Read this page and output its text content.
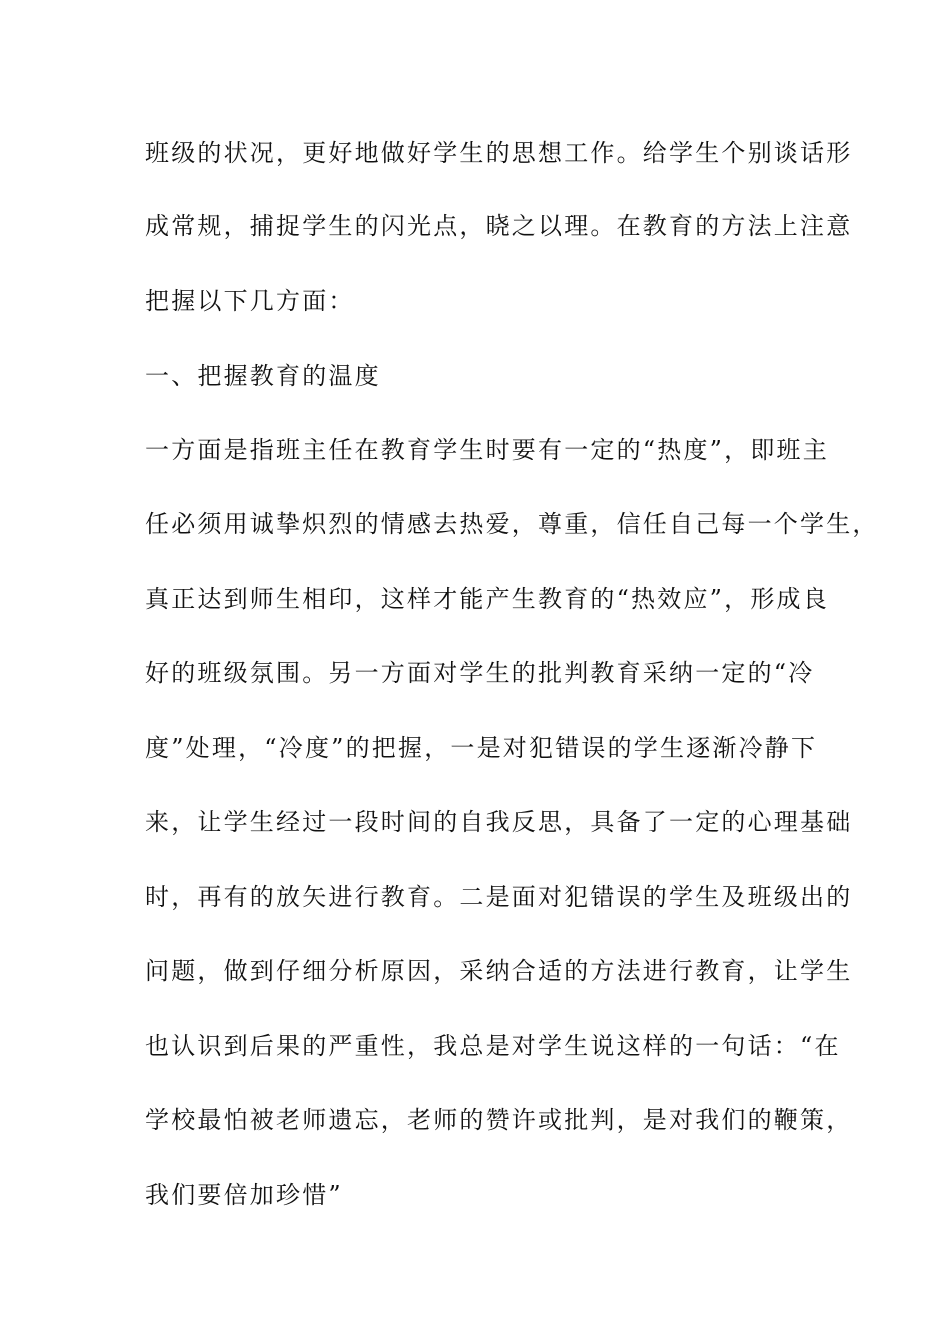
班级的状况，更好地做好学生的思想工作。给学生个别谈话形
成常规，捕捉学生的闪光点，晓之以理。在教育的方法上注意
把握以下几方面：
一、把握教育的温度
一方面是指班主任在教育学生时要有一定的“热度”，即班主
任必须用诚挚炽烈的情感去热爱，尊重，信任自己每一个学生，
真正达到师生相印，这样才能产生教育的“热效应”，形成良
好的班级氛围。另一方面对学生的批判教育采纳一定的“冷
度”处理，“冷度”的把握，一是对犯错误的学生逐渐冷静下
来，让学生经过一段时间的自我反思，具备了一定的心理基础
时，再有的放矢进行教育。二是面对犯错误的学生及班级出的
问题，做到仔细分析原因，采纳合适的方法进行教育，让学生
也认识到后果的严重性，我总是对学生说这样的一句话：“在
学校最怕被老师遗忘，老师的赞许或批判，是对我们的鞭策，
我们要倍加珍惜”
